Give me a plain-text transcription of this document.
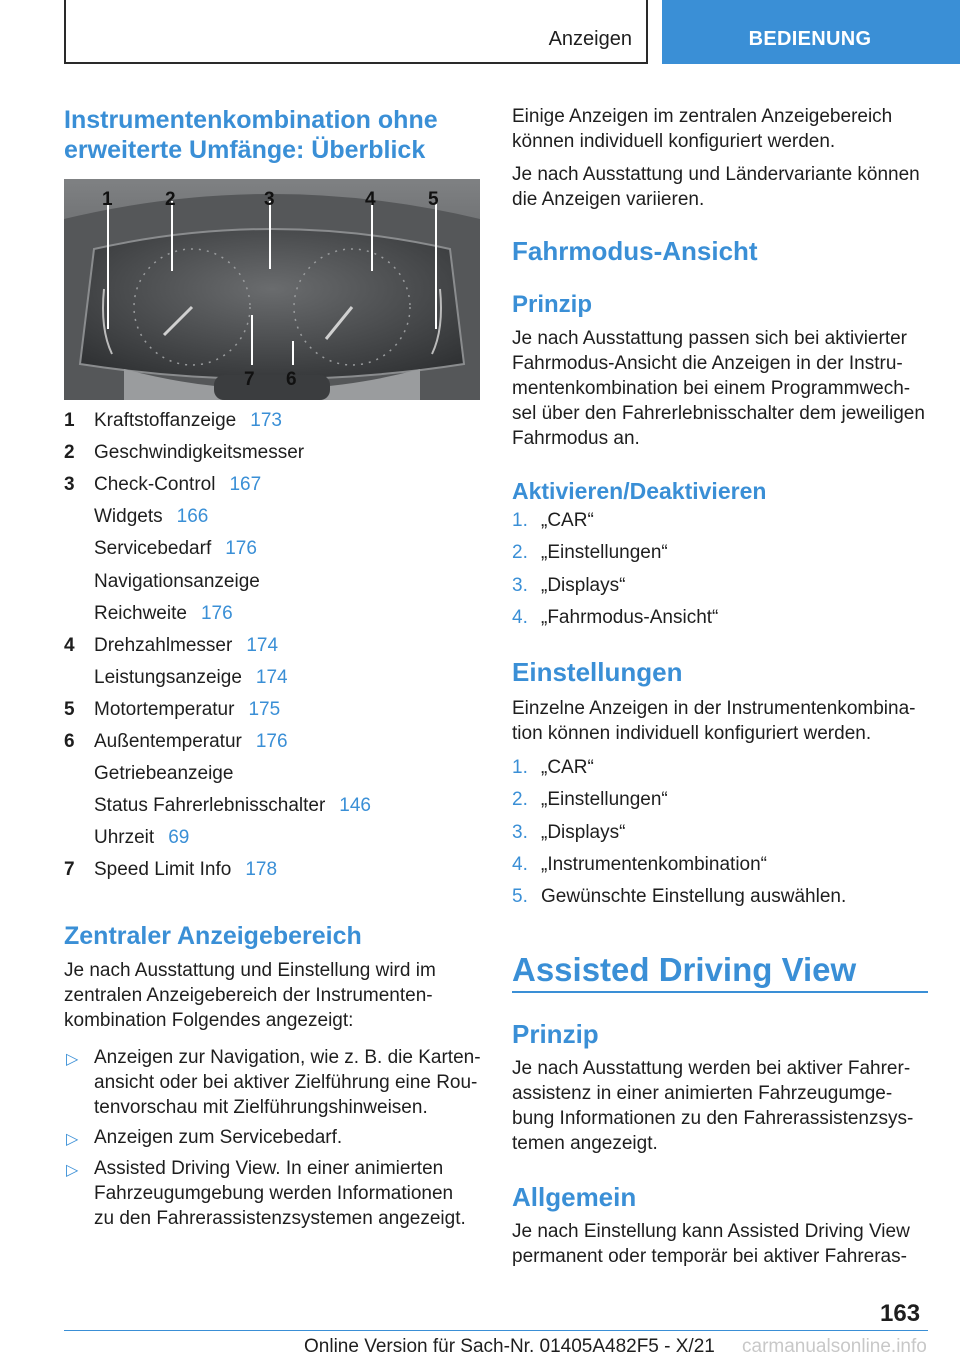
Anzeigen	BEDIENUNG
Instrumentenkombination ohne
erweiterte Umfänge: Überblick
1	2	3	4	5
7 6
1 Kraftstoffanzeige 173
2 Geschwindigkeitsmesser
3 Check-Control 167
Widgets 166
Servicebedarf 176
Navigationsanzeige
Reichweite 176
4 Drehzahlmesser 174
Leistungsanzeige 174
5 Motortemperatur 175
6 Außentemperatur 176
Getriebeanzeige
Status Fahrerlebnisschalter 146
Uhrzeit 69
7 Speed Limit Info 178
Zentraler Anzeigebereich
Je nach Ausstattung und Einstellung wird im
zentralen Anzeigebereich der Instrumenten-
kombination Folgendes angezeigt:
▷ Anzeigen zur Navigation, wie z. B. die Karten-
ansicht oder bei aktiver Zielführung eine Rou-
tenvorschau mit Zielführungshinweisen.
▷ Anzeigen zum Servicebedarf.
▷ Assisted Driving View. In einer animierten
Fahrzeugumgebung werden Informationen
zu den Fahrerassistenzsystemen angezeigt.
Einige Anzeigen im zentralen Anzeigebereich
können individuell konfiguriert werden.
Je nach Ausstattung und Ländervariante können
die Anzeigen variieren.
Fahrmodus-Ansicht
Prinzip
Je nach Ausstattung passen sich bei aktivierter
Fahrmodus-Ansicht die Anzeigen in der Instru-
mentenkombination bei einem Programmwech-
sel über den Fahrerlebnisschalter dem jeweiligen
Fahrmodus an.
Aktivieren/Deaktivieren
1. „CAR“
2. „Einstellungen“
3. „Displays“
4. „Fahrmodus-Ansicht“
Einstellungen
Einzelne Anzeigen in der Instrumentenkombina-
tion können individuell konfiguriert werden.
1. „CAR“
2. „Einstellungen“
3. „Displays“
4. „Instrumentenkombination“
5. Gewünschte Einstellung auswählen.
Assisted Driving View
Prinzip
Je nach Ausstattung werden bei aktiver Fahrer-
assistenz in einer animierten Fahrzeugumge-
bung Informationen zu den Fahrerassistenzsys-
temen angezeigt.
Allgemein
Je nach Einstellung kann Assisted Driving View
permanent oder temporär bei aktiver Fahreras-
163
Online Version für Sach-Nr. 01405A482F5 - X/21 carmanualsonline.info
